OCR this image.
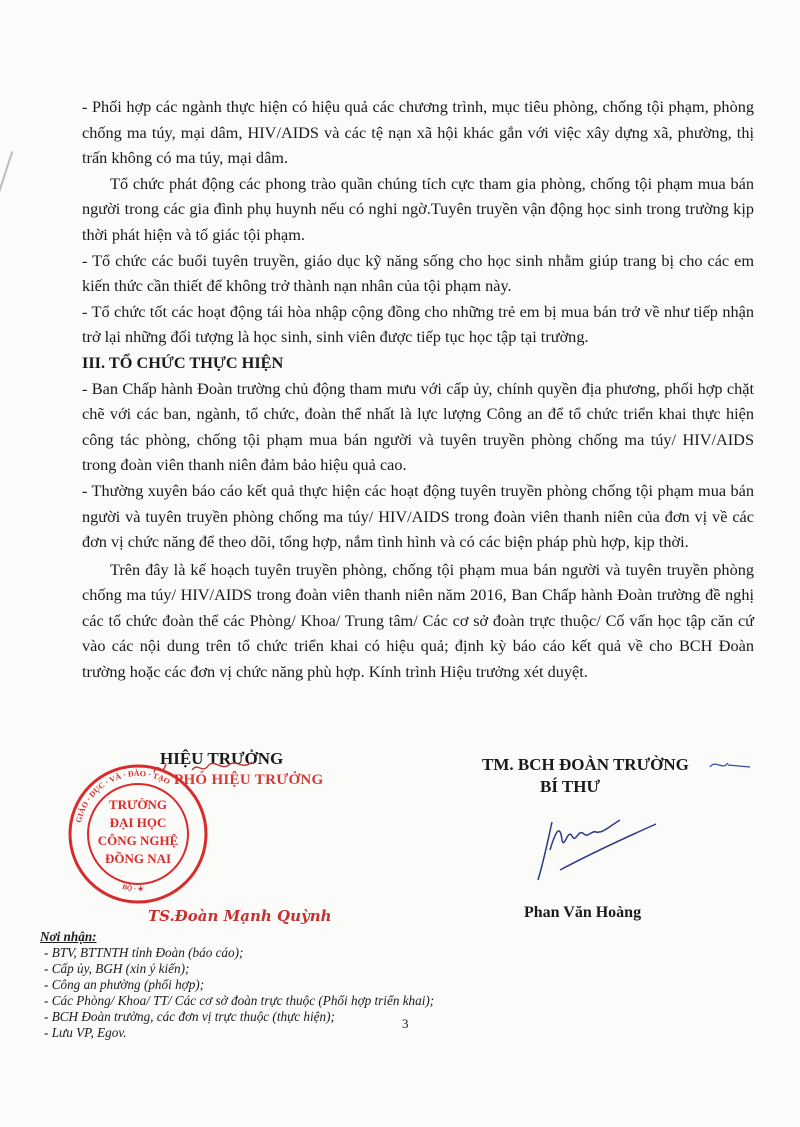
- Phối hợp các ngành thực hiện có hiệu quả các chương trình, mục tiêu phòng, chống tội phạm, phòng chống ma túy, mại dâm, HIV/AIDS và các tệ nạn xã hội khác gắn với việc xây dựng xã, phường, thị trấn không có ma túy, mại dâm.

Tổ chức phát động các phong trào quần chúng tích cực tham gia phòng, chống tội phạm mua bán người trong các gia đình phụ huynh nếu có nghi ngờ.Tuyên truyền vận động học sinh trong trường kịp thời phát hiện và tố giác tội phạm.

- Tổ chức các buổi tuyên truyền, giáo dục kỹ năng sống cho học sinh nhằm giúp trang bị cho các em kiến thức cần thiết để không trở thành nạn nhân của tội phạm này.

- Tổ chức tốt các hoạt động tái hòa nhập cộng đồng cho những trẻ em bị mua bán trở về như tiếp nhận trở lại những đối tượng là học sinh, sinh viên được tiếp tục học tập tại trường.

III. TỔ CHỨC THỰC HIỆN

- Ban Chấp hành Đoàn trường chủ động tham mưu với cấp ủy, chính quyền địa phương, phối hợp chặt chẽ với các ban, ngành, tổ chức, đoàn thể nhất là lực lượng Công an để tổ chức triển khai thực hiện công tác phòng, chống tội phạm mua bán người và tuyên truyền phòng chống ma túy/ HIV/AIDS trong đoàn viên thanh niên đảm bảo hiệu quả cao.

- Thường xuyên báo cáo kết quả thực hiện các hoạt động tuyên truyền phòng chống tội phạm mua bán người và tuyên truyền phòng chống ma túy/ HIV/AIDS trong đoàn viên thanh niên của đơn vị về các đơn vị chức năng để theo dõi, tổng hợp, nắm tình hình và có các biện pháp phù hợp, kịp thời.

Trên đây là kế hoạch tuyên truyền phòng, chống tội phạm mua bán người và tuyên truyền phòng chống ma túy/ HIV/AIDS trong đoàn viên thanh niên năm 2016, Ban Chấp hành Đoàn trường đề nghị các tổ chức đoàn thể các Phòng/ Khoa/ Trung tâm/ Các cơ sở đoàn trực thuộc/ Cố vấn học tập căn cứ vào các nội dung trên tổ chức triển khai có hiệu quả; định kỳ báo cáo kết quả về cho BCH Đoàn trường hoặc các đơn vị chức năng phù hợp. Kính trình Hiệu trưởng xét duyệt.

HIỆU TRƯỞNG
PHÓ HIỆU TRƯỞNG
GIÁO · DỤC · VÀ · ĐÀO · TẠO
BỘ · ★
TRƯỜNG
ĐẠI HỌC
CÔNG NGHỆ
ĐỒNG NAI
TS.Đoàn Mạnh Quỳnh
TM. BCH ĐOÀN TRƯỜNG
BÍ THƯ
Phan Văn Hoàng
Nơi nhận:
- BTV, BTTNTH tỉnh Đoàn (báo cáo);
- Cấp ủy, BGH (xin ý kiến);
- Công an phường (phối hợp);
- Các Phòng/ Khoa/ TT/ Các cơ sở đoàn trực thuộc (Phối hợp triển khai);
- BCH Đoàn trường, các đơn vị trực thuộc (thực hiện);
- Lưu VP, Egov.
3
